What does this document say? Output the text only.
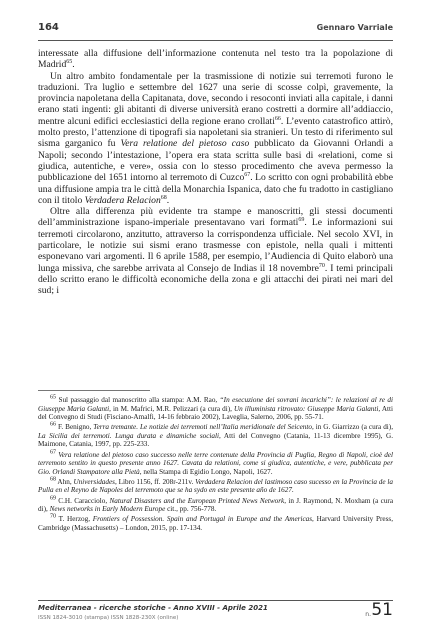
164	Gennaro Varriale

interessate alla diffusione dell’informazione contenuta nel testo tra la popolazione di Madrid$^{65}$.

Un altro ambito fondamentale per la trasmissione di notizie sui terremoti furono le traduzioni. Tra luglio e settembre del 1627 una serie di scosse colpì, gravemente, la provincia napoletana della Capitanata, dove, secondo i resoconti inviati alla capitale, i danni erano stati ingenti: gli abitanti di diverse università erano costretti a dormire all’addiaccio, mentre alcuni edifici ecclesiastici della regione erano crollati$^{66}$. L’evento catastrofico attirò, molto presto, l’attenzione di tipografi sia napoletani sia stranieri. Un testo di riferimento sul sisma garganico fu Vera relatione del pietoso caso pubblicato da Giovanni Orlandi a Napoli; secondo l’intestazione, l’opera era stata scritta sulle basi di «relationi, come si giudica, autentiche, e vere», ossia con lo stesso procedimento che aveva permesso la pubblicazione del 1651 intorno al terremoto di Cuzco$^{67}$. Lo scritto con ogni probabilità ebbe una diffusione ampia tra le città della Monarchia Ispanica, dato che fu tradotto in castigliano con il titolo Verdadera Relacion$^{68}$.

Oltre alla differenza più evidente tra stampe e manoscritti, gli stessi documenti dell’amministrazione ispano-imperiale presentavano vari formati$^{69}$. Le informazioni sui terremoti circolarono, anzitutto, attraverso la corrispondenza ufficiale. Nel secolo XVI, in particolare, le notizie sui sismi erano trasmesse con epistole, nella quali i mittenti esponevano vari argomenti. Il 6 aprile 1588, per esempio, l’Audiencia di Quito elaborò una lunga missiva, che sarebbe arrivata al Consejo de Indias il 18 novembre$^{70}$. I temi principali dello scritto erano le difficoltà economiche della zona e gli attacchi dei pirati nei mari del sud; i

$^{65}$ Sul passaggio dal manoscritto alla stampa: A.M. Rao, “In esecuzione dei sovrani incarichi”: le relazioni al re di Giuseppe Maria Galanti, in M. Mafrici, M.R. Pelizzari (a cura di), Un illuminista ritrovato: Giuseppe Maria Galanti, Atti del Convegno di Studi (Fisciano-Amalfi, 14-16 febbraio 2002), Laveglia, Salerno, 2006, pp. 55-71.

$^{66}$ F. Benigno, Terra tremante. Le notizie dei terremoti nell’Italia meridionale del Seicento, in G. Giarrizzo (a cura di), La Sicilia dei terremoti. Lunga durata e dinamiche sociali, Atti del Convegno (Catania, 11-13 dicembre 1995), G. Maimone, Catania, 1997, pp. 225-233.

$^{67}$ Vera relatione del pietoso caso successo nelle terre contenute della Provincia di Puglia, Regno di Napoli, cioè del terremoto sentito in questo presente anno 1627. Cavata da relationi, come si giudica, autentiche, e vere, pubblicata per Gio. Orlandi Stampatore alla Pietà, nella Stampa di Egidio Longo, Napoli, 1627.

$^{68}$ Ahn, Universidades, Libro 1156, ff. 208r-211v. Verdadera Relacion del lastimoso caso sucesso en la Provincia de la Pulla en el Reyno de Napoles del terremoto que se ha sydo en este presente año de 1627.

$^{69}$ C.H. Caracciolo, Natural Disasters and the European Printed News Network, in J. Raymond, N. Moxham (a cura di), News networks in Early Modern Europe cit., pp. 756-778.

$^{70}$ T. Herzog, Frontiers of Possession. Spain and Portugal in Europe and the Americas, Harvard University Press, Cambridge (Massachusetts) – London, 2015, pp. 17-134.

Mediterranea - ricerche storiche - Anno XVIII - Aprile 2021
ISSN 1824-3010 (stampa) ISSN 1828-230X (online)	n. 51
